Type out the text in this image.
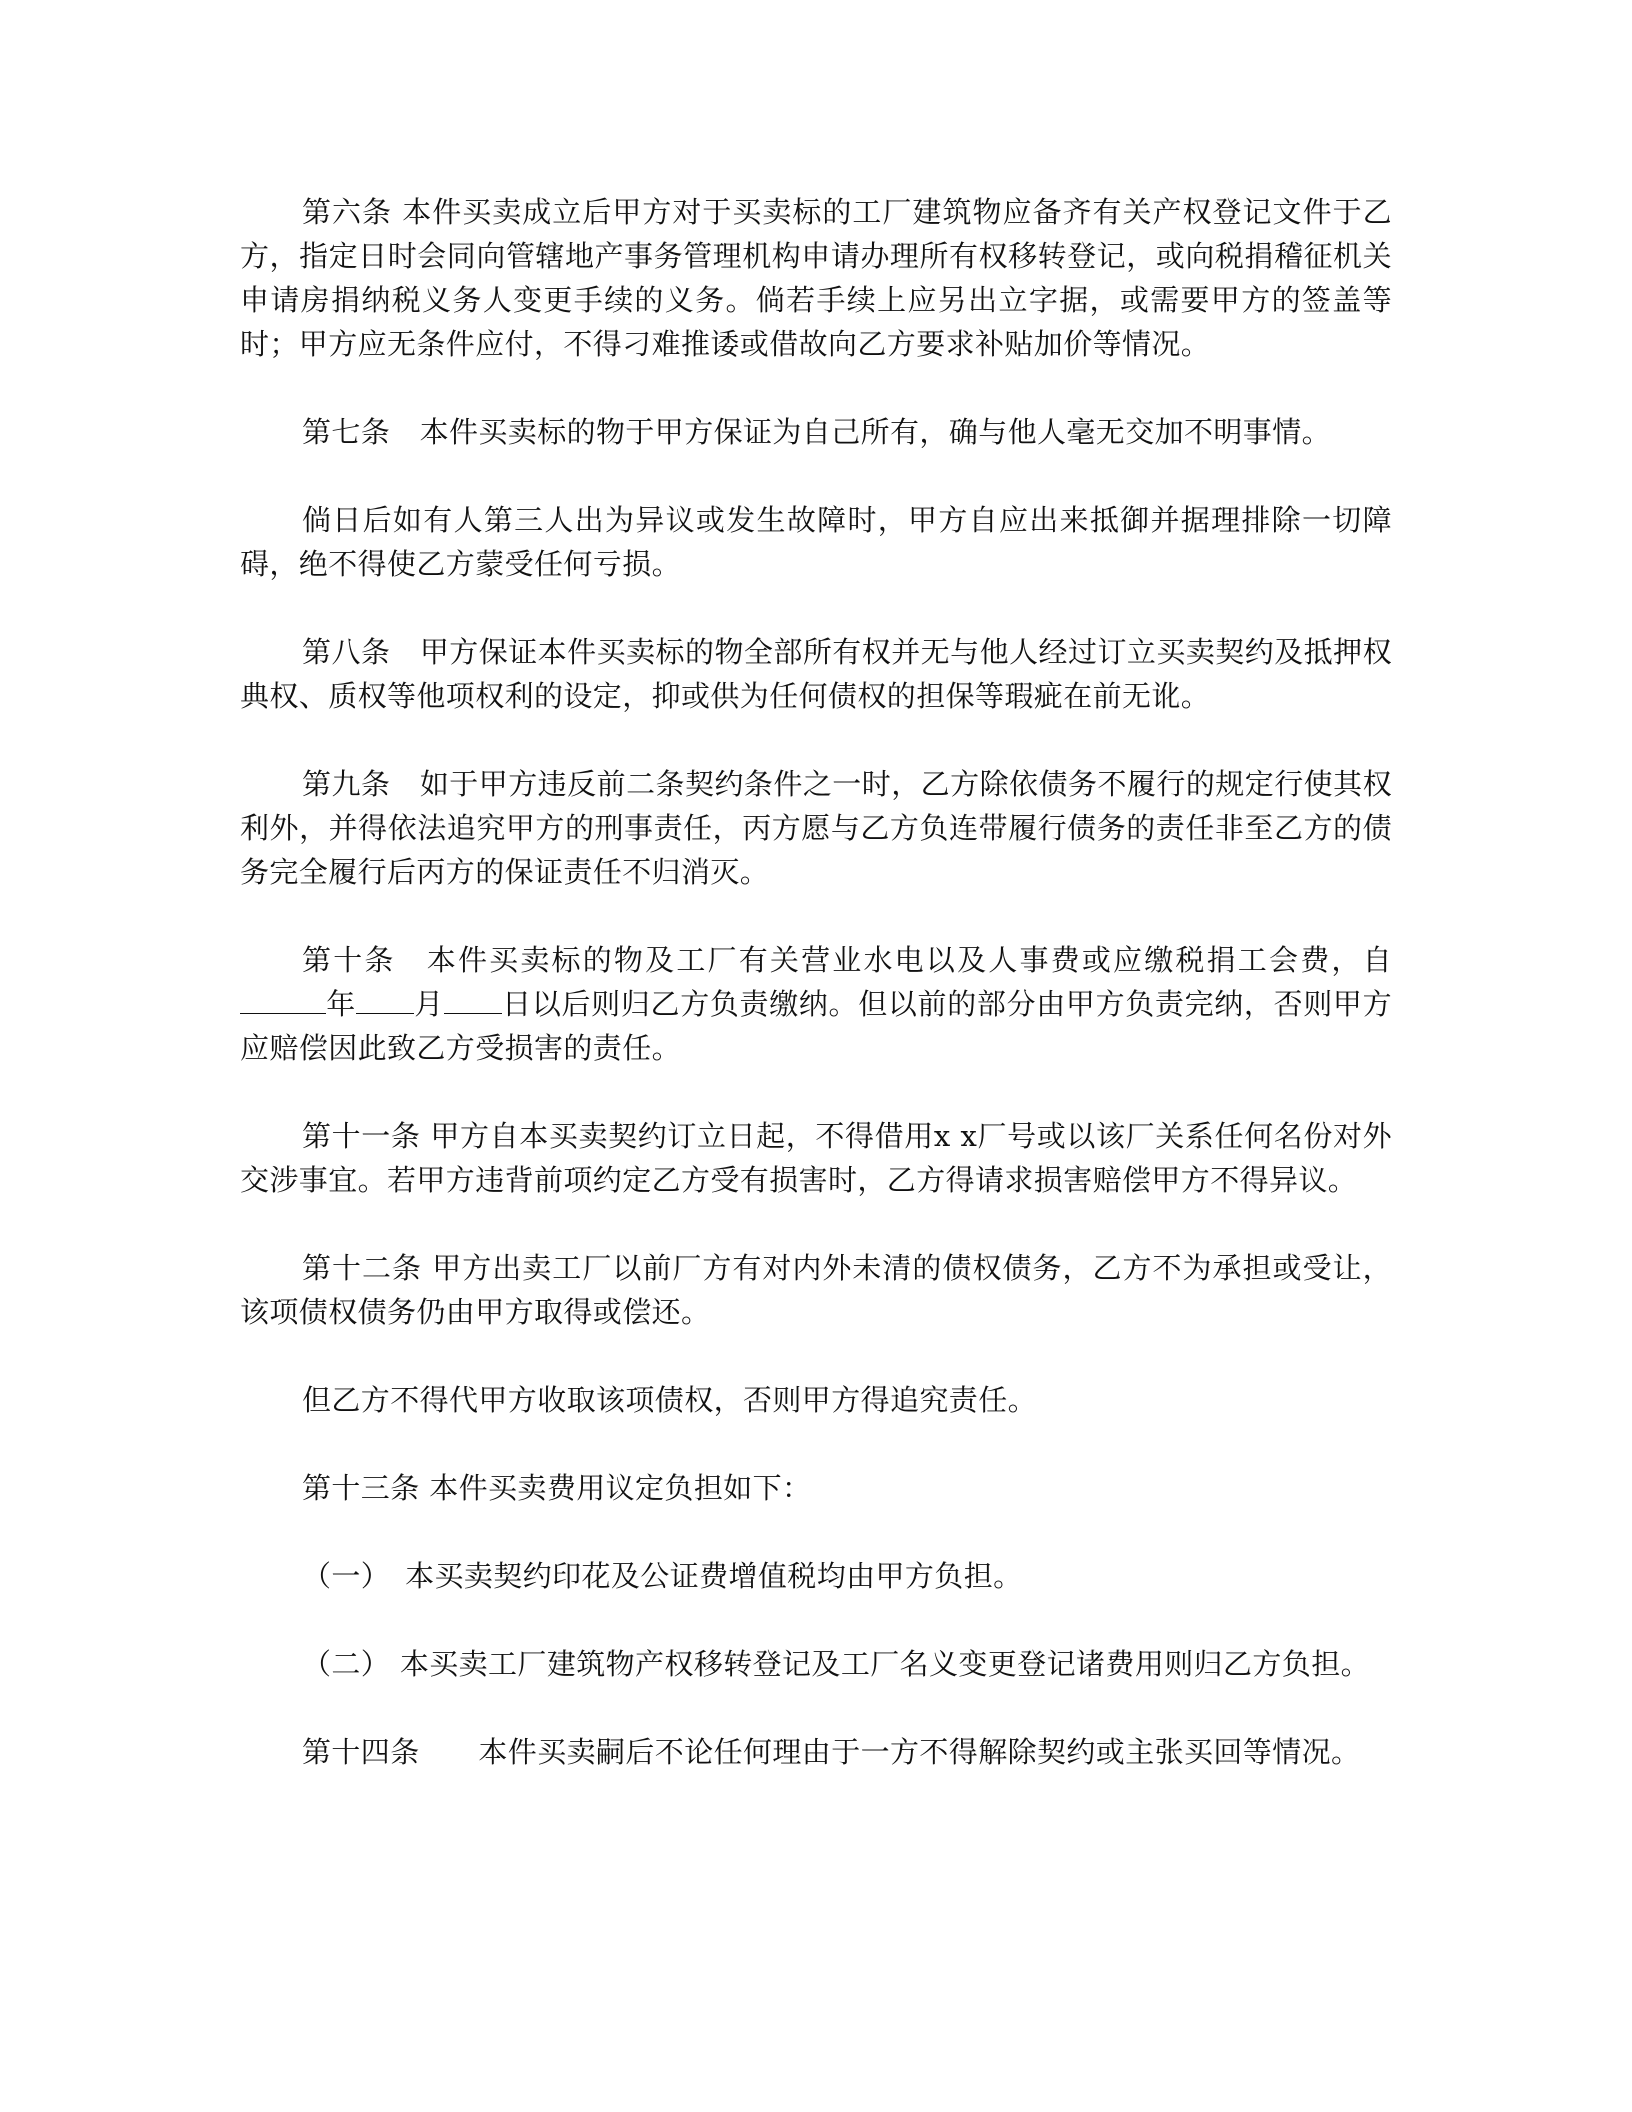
第六条 本件买卖成立后甲方对于买卖标的工厂建筑物应备齐有关产权登记文件于乙方，指定日时会同向管辖地产事务管理机构申请办理所有权移转登记，或向税捐稽征机关申请房捐纳税义务人变更手续的义务。倘若手续上应另出立字据，或需要甲方的签盖等时；甲方应无条件应付，不得刁难推诿或借故向乙方要求补贴加价等情况。

第七条　本件买卖标的物于甲方保证为自己所有，确与他人毫无交加不明事情。

倘日后如有人第三人出为异议或发生故障时，甲方自应出来抵御并据理排除一切障碍，绝不得使乙方蒙受任何亏损。

第八条　甲方保证本件买卖标的物全部所有权并无与他人经过订立买卖契约及抵押权典权、质权等他项权利的设定，抑或供为任何债权的担保等瑕疵在前无讹。

第九条　如于甲方违反前二条契约条件之一时，乙方除依债务不履行的规定行使其权利外，并得依法追究甲方的刑事责任，丙方愿与乙方负连带履行债务的责任非至乙方的债务完全履行后丙方的保证责任不归消灭。

第十条　本件买卖标的物及工厂有关营业水电以及人事费或应缴税捐工会费，自年 月 日以后则归乙方负责缴纳。但以前的部分由甲方负责完纳，否则甲方应赔偿因此致乙方受损害的责任。

第十一条 甲方自本买卖契约订立日起，不得借用x x厂号或以该厂关系任何名份对外交涉事宜。若甲方违背前项约定乙方受有损害时，乙方得请求损害赔偿甲方不得异议。

第十二条 甲方出卖工厂以前厂方有对内外未清的债权债务，乙方不为承担或受让，该项债权债务仍由甲方取得或偿还。

但乙方不得代甲方收取该项债权，否则甲方得追究责任。

第十三条 本件买卖费用议定负担如下：

（一）　本买卖契约印花及公证费增值税均由甲方负担。

（二） 本买卖工厂建筑物产权移转登记及工厂名义变更登记诸费用则归乙方负担。

第十四条　　本件买卖嗣后不论任何理由于一方不得解除契约或主张买回等情况。
